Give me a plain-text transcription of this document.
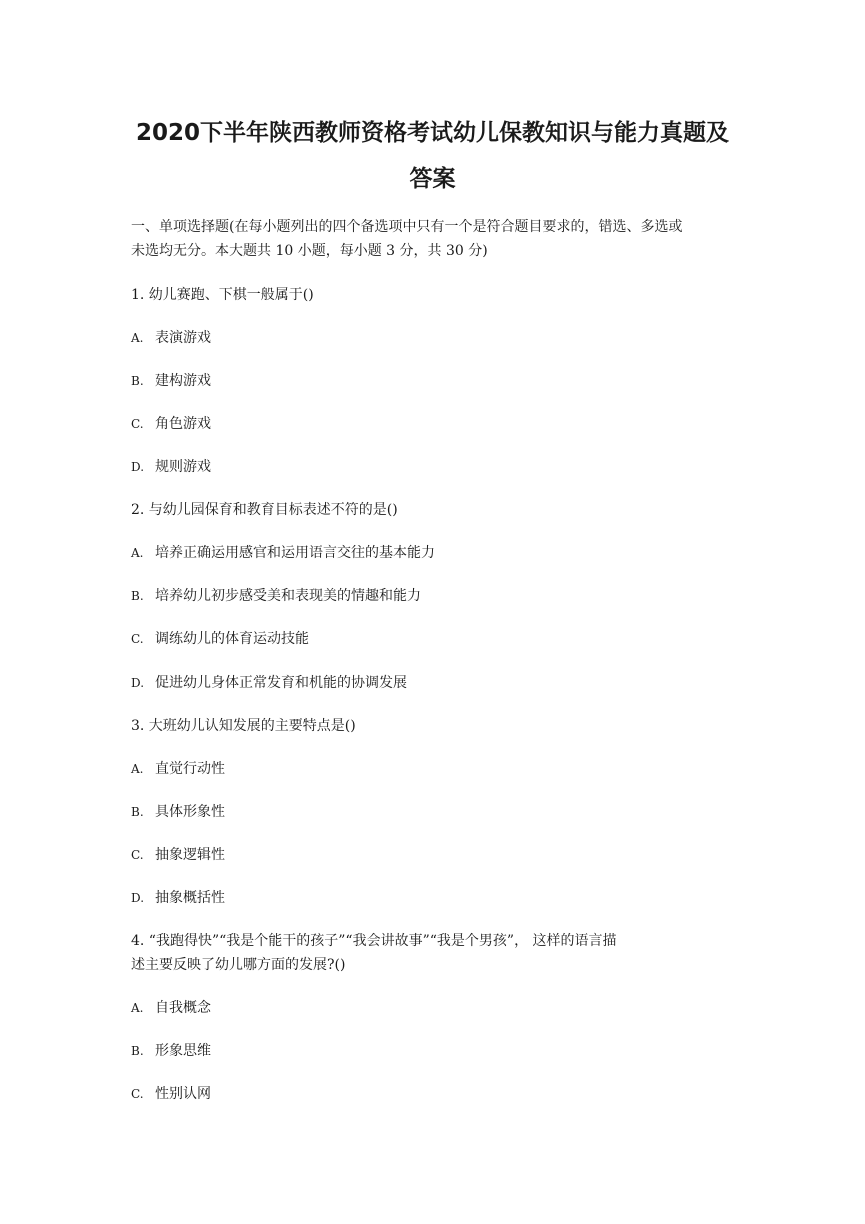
2020下半年陕西教师资格考试幼儿保教知识与能力真题及
答案
一、单项选择题(在每小题列出的四个备选项中只有一个是符合题目要求的，错选、多选或
未选均无分。本大题共 10 小题，每小题 3 分，共 30 分)
1. 幼儿赛跑、下棋一般属于()
A. 表演游戏
B. 建构游戏
C. 角色游戏
D. 规则游戏
2. 与幼儿园保育和教育目标表述不符的是()
A. 培养正确运用感官和运用语言交往的基本能力
B. 培养幼儿初步感受美和表现美的情趣和能力
C. 调练幼儿的体育运动技能
D. 促进幼儿身体正常发育和机能的协调发展
3. 大班幼儿认知发展的主要特点是()
A. 直觉行动性
B. 具体形象性
C. 抽象逻辑性
D. 抽象概括性
4. “我跑得快”“我是个能干的孩子”“我会讲故事”“我是个男孩”， 这样的语言描
述主要反映了幼儿哪方面的发展?()
A. 自我概念
B. 形象思维
C. 性别认网
